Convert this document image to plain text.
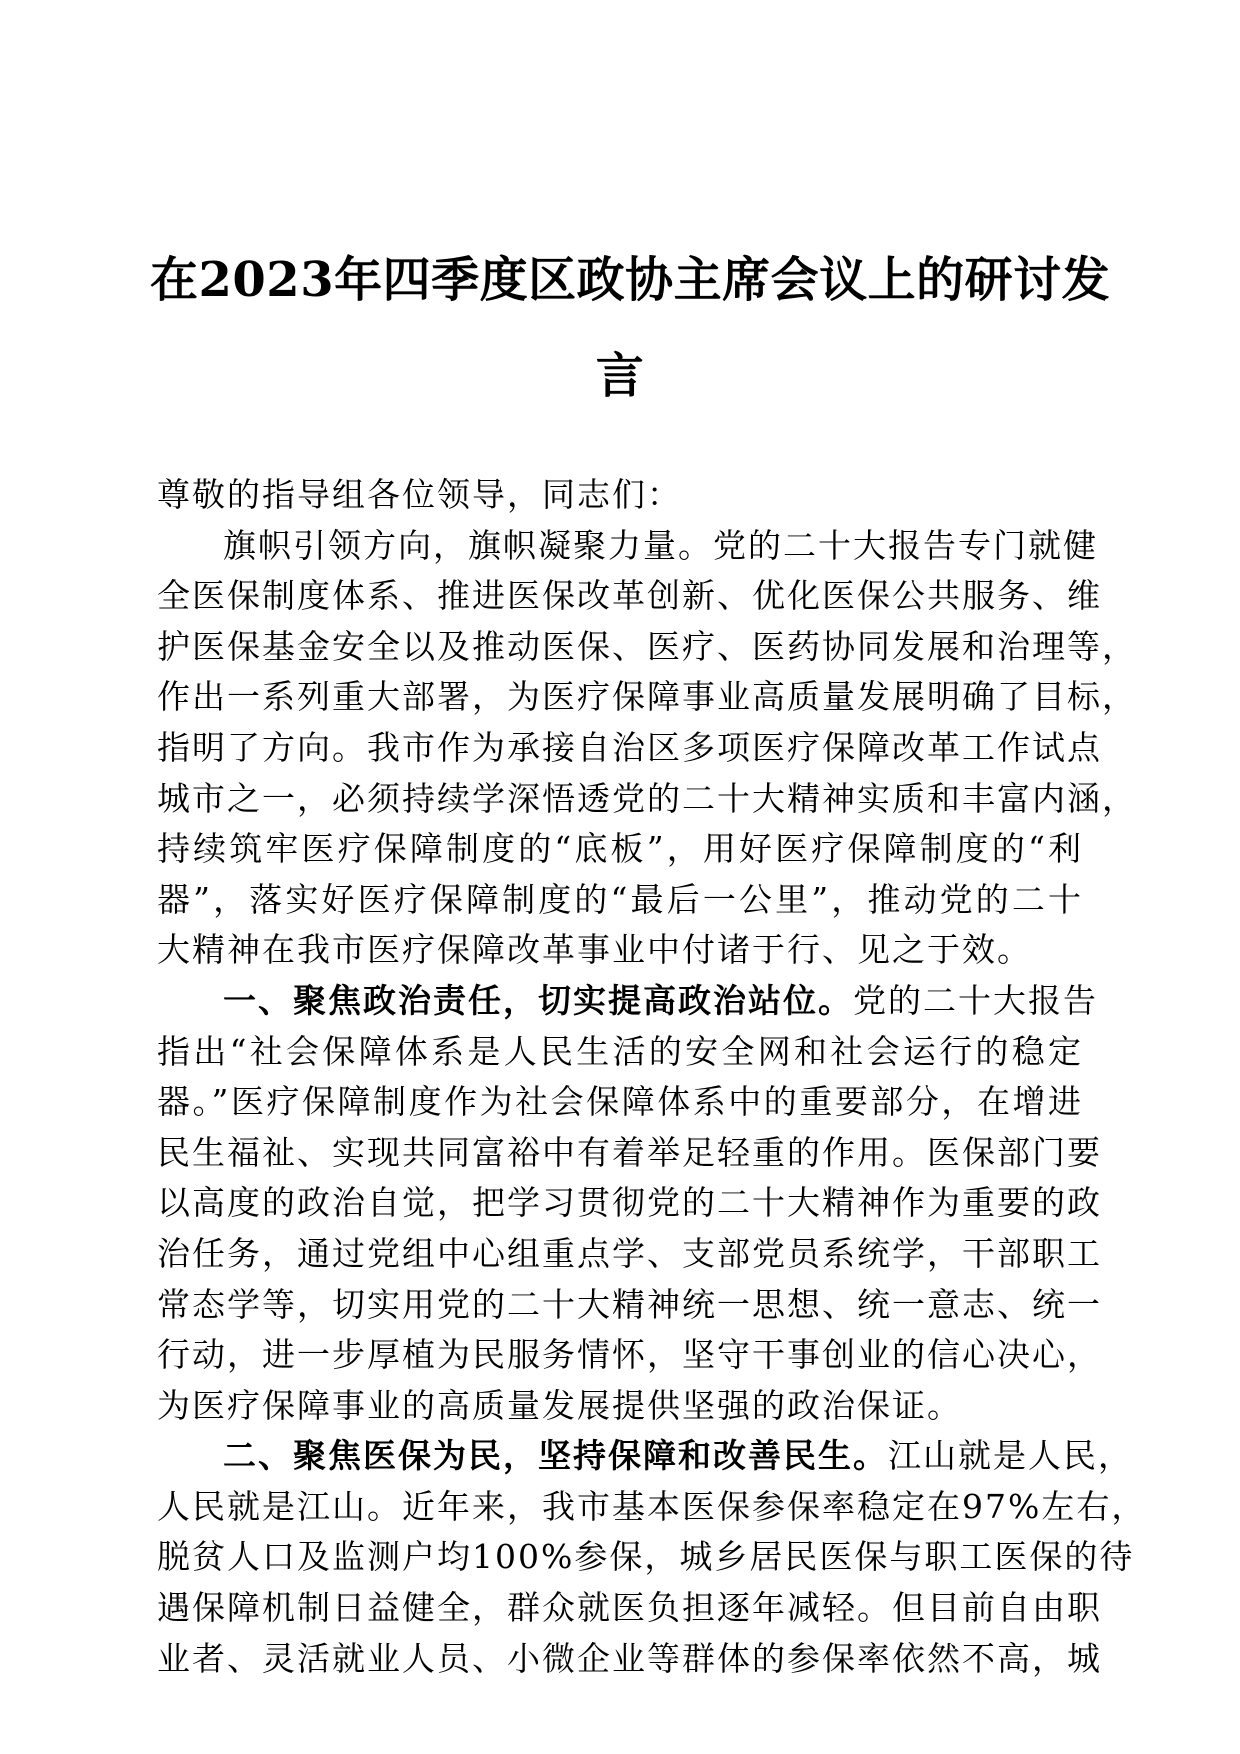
在2023年四季度区政协主席会议上的研讨发
言
尊敬的指导组各位领导，同志们：
旗帜引领方向，旗帜凝聚力量。党的二十大报告专门就健
全医保制度体系、推进医保改革创新、优化医保公共服务、维
护医保基金安全以及推动医保、医疗、医药协同发展和治理等，
作出一系列重大部署，为医疗保障事业高质量发展明确了目标，
指明了方向。我市作为承接自治区多项医疗保障改革工作试点
城市之一，必须持续学深悟透党的二十大精神实质和丰富内涵，
持续筑牢医疗保障制度的“底板”，用好医疗保障制度的“利
器”，落实好医疗保障制度的“最后一公里”，推动党的二十
大精神在我市医疗保障改革事业中付诸于行、见之于效。
一、聚焦政治责任，切实提高政治站位。党的二十大报告
指出“社会保障体系是人民生活的安全网和社会运行的稳定
器。”医疗保障制度作为社会保障体系中的重要部分，在增进
民生福祉、实现共同富裕中有着举足轻重的作用。医保部门要
以高度的政治自觉，把学习贯彻党的二十大精神作为重要的政
治任务，通过党组中心组重点学、支部党员系统学，干部职工
常态学等，切实用党的二十大精神统一思想、统一意志、统一
行动，进一步厚植为民服务情怀，坚守干事创业的信心决心，
为医疗保障事业的高质量发展提供坚强的政治保证。
二、聚焦医保为民，坚持保障和改善民生。江山就是人民，
人民就是江山。近年来，我市基本医保参保率稳定在97%左右，
脱贫人口及监测户均100%参保，城乡居民医保与职工医保的待
遇保障机制日益健全，群众就医负担逐年减轻。但目前自由职
业者、灵活就业人员、小微企业等群体的参保率依然不高，城
